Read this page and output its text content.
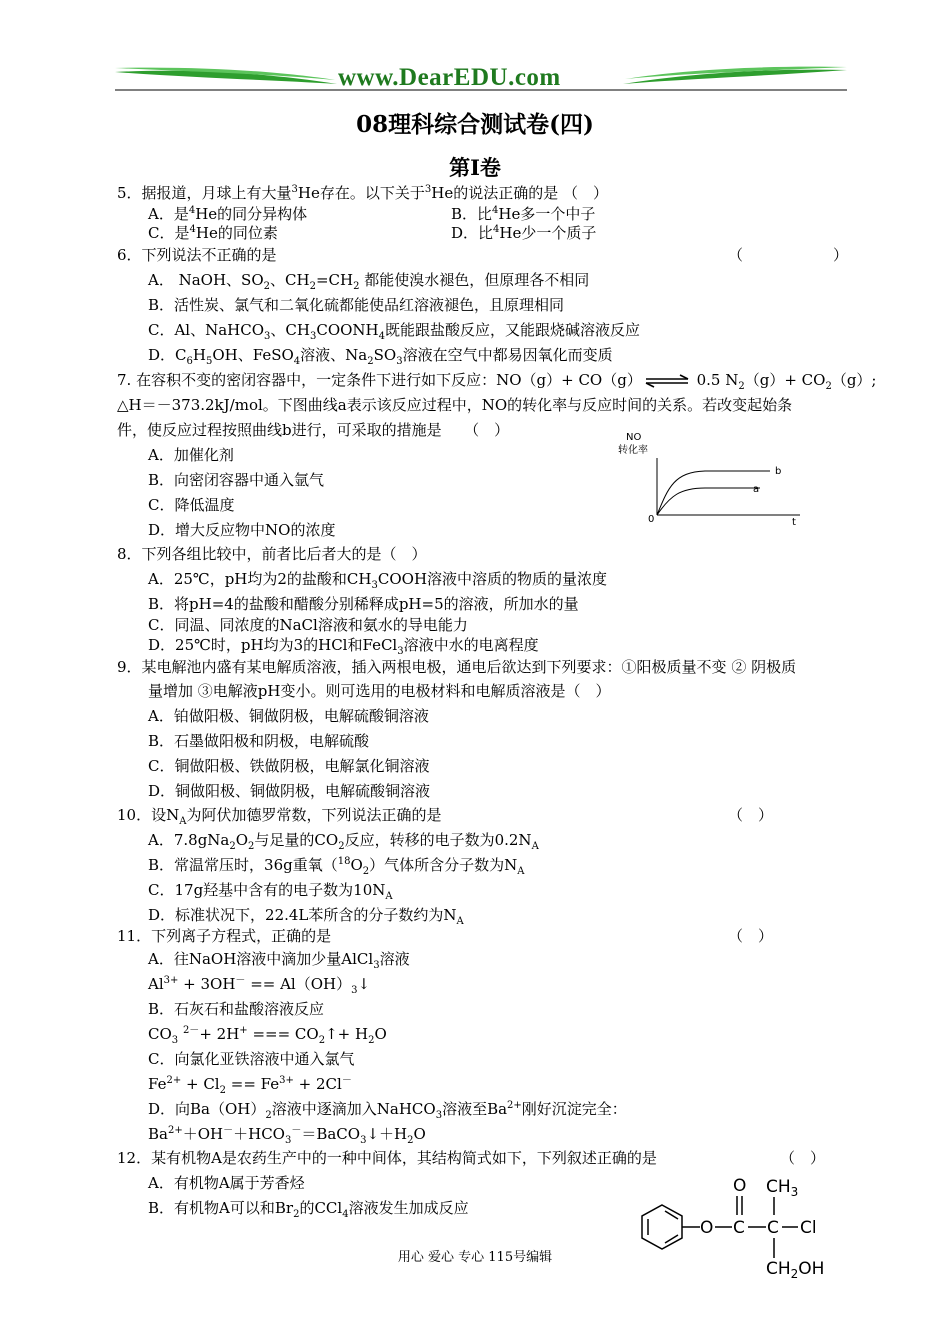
www.DearEDU.com
08理科综合测试卷(四)
第Ⅰ卷
5．据报道，月球上有大量$^3$He存在。以下关于$^3$He的说法正确的是 （　）
A．是$^4$He的同分异构体	B．比$^4$He多一个中子
C．是$^4$He的同位素	D．比$^4$He少一个质子
6．下列说法不正确的是	（　　　　　　）
A． NaOH、$SO_2$、$CH_2=CH_2$ 都能使溴水褪色，但原理各不相同
B．活性炭、氯气和二氧化硫都能使品红溶液褪色，且原理相同
C．Al、NaHCO$_3$、$CH_3COONH_4$既能跟盐酸反应，又能跟烧碱溶液反应
D．$C_6H_5OH$、FeSO$_4$溶液、$Na_2SO_3$溶液在空气中都易因氧化而变质
7. 在容积不变的密闭容器中，一定条件下进行如下反应：NO（g）+ CO（g） ⇌ 0.5 $N_2(g)+ CO_2(g)$;
△H＝－373.2kJ/mol。下图曲线a表示该反应过程中，NO的转化率与反应时间的关系。若改变起始条
件，使反应过程按照曲线b进行，可采取的措施是　　（　）
A．加催化剂
B．向密闭容器中通入氩气
C．降低温度
D．增大反应物中NO的浓度
NO
转化率
0	t
b
a
8．下列各组比较中，前者比后者大的是（　）
A．25℃，pH均为2的盐酸和$CH_3COOH$溶液中溶质的物质的量浓度
B．将pH=4的盐酸和醋酸分别稀释成pH=5的溶液，所加水的量
C．同温、同浓度的NaCl溶液和氨水的导电能力
D．25℃时，pH均为3的HCl和FeCl$_3$溶液中水的电离程度
9．某电解池内盛有某电解质溶液，插入两根电极，通电后欲达到下列要求：①阳极质量不变 ② 阴极质
量增加 ③电解液pH变小。则可选用的电极材料和电解质溶液是（　）
A．铂做阳极、铜做阴极，电解硫酸铜溶液
B．石墨做阳极和阴极，电解硫酸
C．铜做阳极、铁做阴极，电解氯化铜溶液
D．铜做阳极、铜做阴极，电解硫酸铜溶液
10．设$N_A$为阿伏加德罗常数，下列说法正确的是	（　）
A．$7.8gNa_2O_2$与足量的$CO_2$反应，转移的电子数为$0.2N_A$
B．常温常压时，36g重氧$(^{18}O_2)$气体所含分子数为$N_A$
C．17g羟基中含有的电子数为$10N_A$
D．标准状况下，22.4L苯所含的分子数约为$N_A$
11．下列离子方程式，正确的是	（　）
A．往NaOH溶液中滴加少量AlCl$_3$溶液
$Al^{3+} + 3OH^-$ == $Al(OH)_3↓$
B．石灰石和盐酸溶液反应
$CO_3$ $^{2-}$+ 2H+ === $CO_2↑+ H_2O$
C．向氯化亚铁溶液中通入氯气
$Fe^{2+} + Cl_2 == Fe^{3+} + 2Cl^-$
D．向$Ba(OH)_2$溶液中逐滴加入NaHCO$_3$溶液至$Ba^{2+}$刚好沉淀完全：
$Ba^{2+}+OH^-+HCO_3^-=BaCO_3↓+H_2O$
12．某有机物A是农药生产中的一种中间体，其结构简式如下，下列叙述正确的是	（　）
A．有机物A属于芳香烃
B．有机物A可以和$Br_2$的CCl$_4$溶液发生加成反应
O C
O
C
$CH_3$
Cl
$CH_2OH$
用心 爱心 专心 115号编辑
